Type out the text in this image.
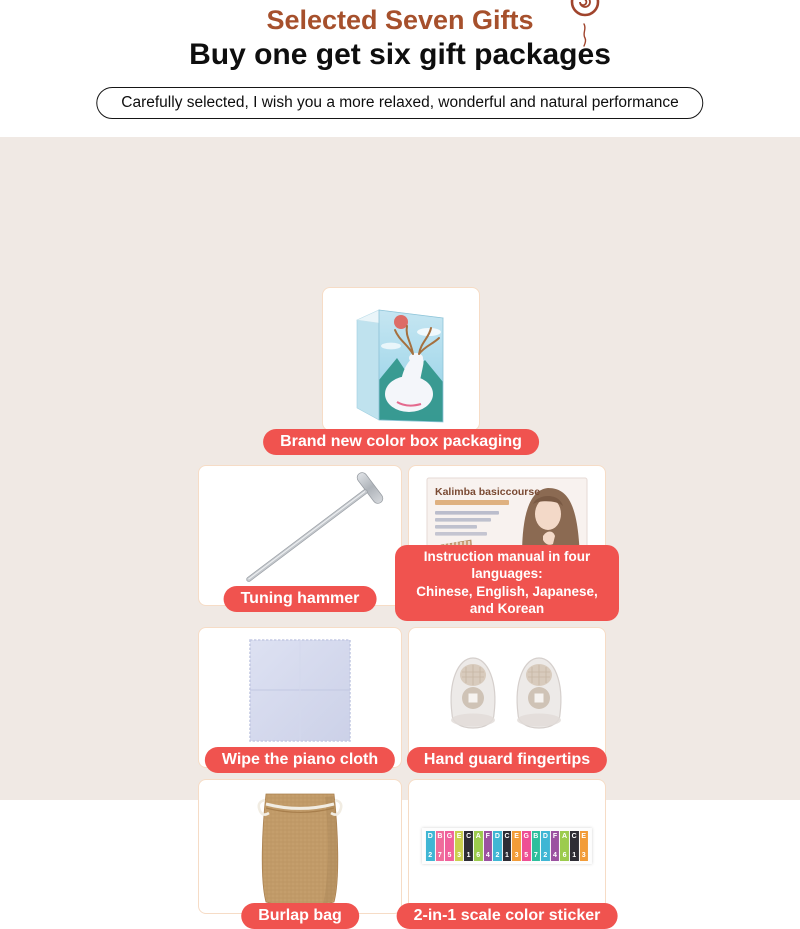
Selected Seven Gifts
Buy one get six gift packages
Carefully selected, I wish you a more relaxed, wonderful and natural performance
Brand new color box packaging
Tuning hammer
Kalimba basiccourse
Instruction manual in four languages:
Chinese, English, Japanese, and Korean
Wipe the piano cloth	Hand guard fingertips
Burlap bag
D
2
B
7
G
5
E
3
C
1
A
6
F
4
D
2
C
1
E
3
G
5
B
7
D
2
F
4
A
6
C
1
E
3
2-in-1 scale color sticker
